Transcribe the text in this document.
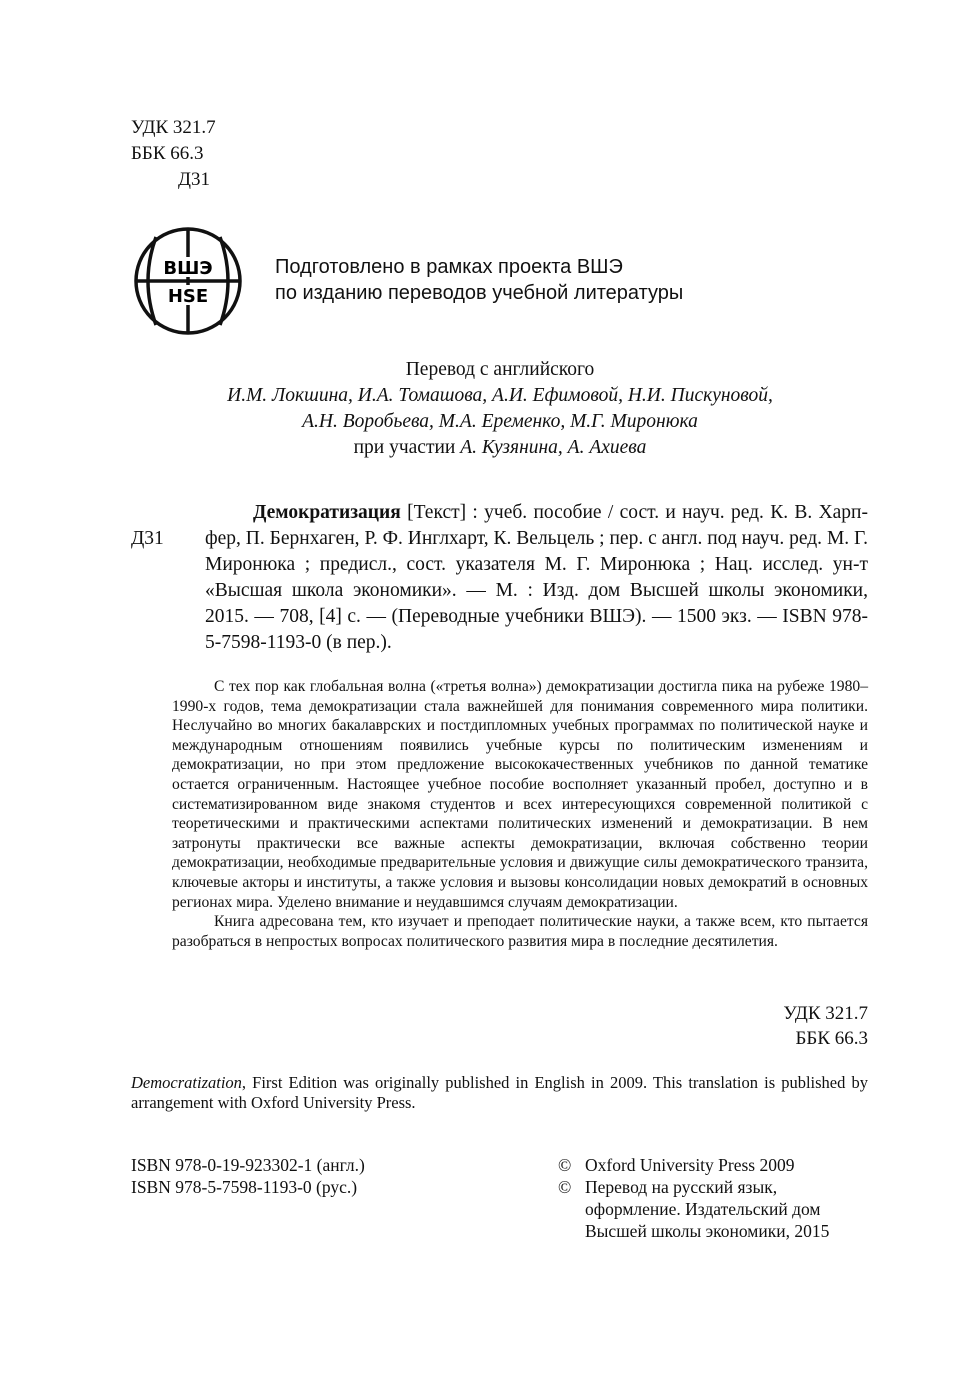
УДК 321.7
ББК 66.3
Д31
ВШЭ
HSE
Подготовлено в рамках проекта ВШЭ
по изданию переводов учебной литературы
Перевод с английского
И.М. Локшина, И.А. Томашова, А.И. Ефимовой, Н.И. Пискуновой,
А.Н. Воробьева, М.А. Еременко, М.Г. Миронюка
при участии А. Кузянина, А. Ахиева
Д31
Демократизация [Текст] : учеб. пособие / сост. и науч. ред. К. В. Харпфер, П. Бернхаген, Р. Ф. Инглхарт, К. Вельцель ; пер. с англ. под науч. ред. М. Г. Миронюка ; предисл., сост. указателя М. Г. Миронюка ; Нац. исслед. ун-т «Высшая школа экономики». — М. : Изд. дом Высшей школы экономики, 2015. — 708, [4] с. — (Переводные учебники ВШЭ). — 1500 экз. — ISBN 978-5-7598-1193-0 (в пер.).

С тех пор как глобальная волна («третья волна») демократизации достигла пика на рубеже 1980–1990-х годов, тема демократизации стала важнейшей для понимания современного мира политики. Неслучайно во многих бакалаврских и постдипломных учебных программах по политической науке и международным отношениям появились учебные курсы по политическим изменениям и демократизации, но при этом предложение высококачественных учебников по данной тематике остается ограниченным. Настоящее учебное пособие восполняет указанный пробел, доступно и в систематизированном виде знакомя студентов и всех интересующихся современной политикой с теоретическими и практическими аспектами политических изменений и демократизации. В нем затронуты практически все важные аспекты демократизации, включая собственно теории демократизации, необходимые предварительные условия и движущие силы демократического транзита, ключевые акторы и институты, а также условия и вызовы консолидации новых демократий в основных регионах мира. Уделено внимание и неудавшимся случаям демократизации.

Книга адресована тем, кто изучает и преподает политические науки, а также всем, кто пытается разобраться в непростых вопросах политического развития мира в последние десятилетия.

УДК 321.7
ББК 66.3
Democratization, First Edition was originally published in English in 2009. This translation is published by arrangement with Oxford University Press.
ISBN 978-0-19-923302-1 (англ.)
ISBN 978-5-7598-1193-0 (рус.)
© Oxford University Press 2009
© Перевод на русский язык,
оформление. Издательский дом
Высшей школы экономики, 2015
